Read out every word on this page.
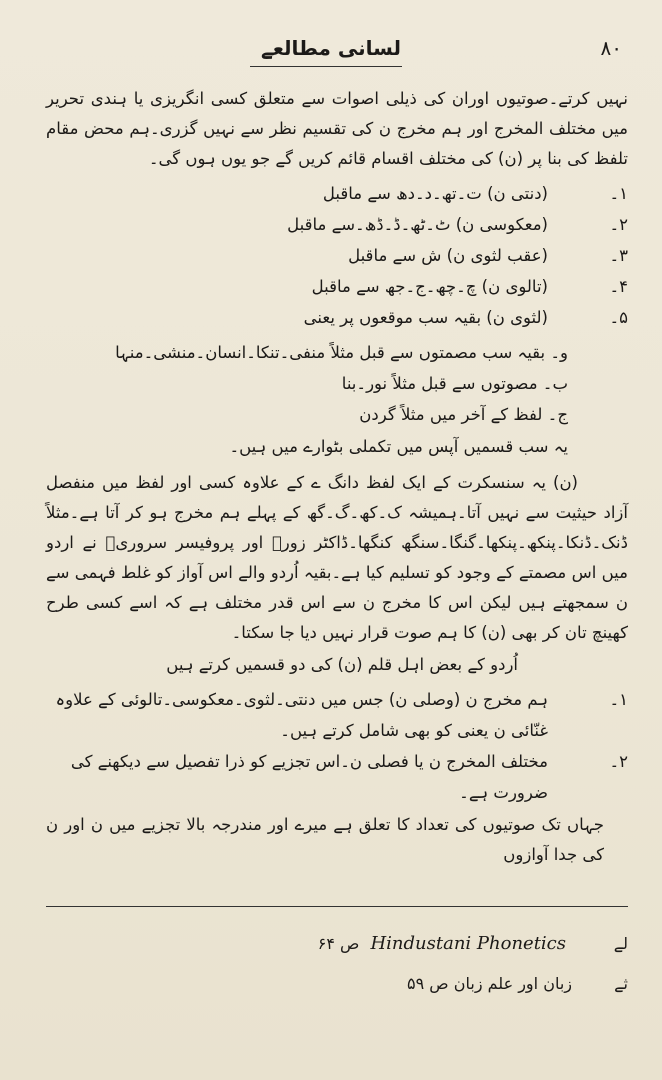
۸۰
لسانی مطالعے

نہیں کرتے۔صوتیوں اوران کی ذیلی اصوات سے متعلق کسی انگریزی یا ہندی تحریر میں مختلف المخرج اور ہم مخرج ن کی تقسیم نظر سے نہیں گزری۔ہم محض مقام تلفظ کی بنا پر (ن) کی مختلف اقسام قائم کریں گے جو یوں ہوں گی۔

۱۔
(دنتی ن) ت۔تھ۔د۔دھ سے ماقبل
۲۔
(معکوسی ن) ٹ۔ٹھ۔ڈ۔ڈھ۔سے ماقبل
۳۔
(عقب لثوی ن) ش سے ماقبل
۴۔
(تالوی ن) چ۔چھ۔ج۔جھ سے ماقبل
۵۔
(لثوی ن) بقیہ سب موقعوں پر یعنی
و۔ بقیہ سب مصمتوں سے قبل مثلاً منفی۔تنکا۔انسان۔منشی۔منہا
ب۔ مصوتوں سے قبل مثلاً نور۔بنا
ج۔ لفظ کے آخر میں مثلاً گردن

یہ سب قسمیں آپس میں تکملی بٹوارے میں ہیں۔

(ن) یہ سنسکرت کے ایک لفظ دانگ ے کے علاوہ کسی اور لفظ میں منفصل آزاد حیثیت سے نہیں آتا۔ہمیشہ ک۔کھ۔گ۔گھ کے پہلے ہم مخرج ہو کر آتا ہے۔مثلاً ڈنک۔ڈنکا۔پنکھ۔پنکھا۔گنگا۔سنگھ کنگھا۔ڈاکٹر زورؔ اور پروفیسر سروریؔ نے اردو میں اس مصمتے کے وجود کو تسلیم کیا ہے۔بقیہ اُردو والے اس آواز کو غلط فہمی سے ن سمجھتے ہیں لیکن اس کا مخرج ن سے اس قدر مختلف ہے کہ اسے کسی طرح کھینچ تان کر بھی (ن) کا ہم صوت قرار نہیں دیا جا سکتا۔

اُردو کے بعض اہل قلم (ن) کی دو قسمیں کرتے ہیں

۱۔
ہم مخرج ن (وصلی ن) جس میں دنتی۔لثوی۔معکوسی۔تالوئی کے علاوہ غنّائی ن یعنی کو بھی شامل کرتے ہیں۔
۲۔
مختلف المخرج ن یا فصلی ن۔اس تجزیے کو ذرا تفصیل سے دیکھنے کی ضرورت ہے۔

جہاں تک صوتیوں کی تعداد کا تعلق ہے میرے اور مندرجہ بالا تجزیے میں ن اور ن کی جدا آوازوں

لے
Hindustani Phonetics ص ۶۴
ثے
زبان اور علم زبان ص ۵۹
